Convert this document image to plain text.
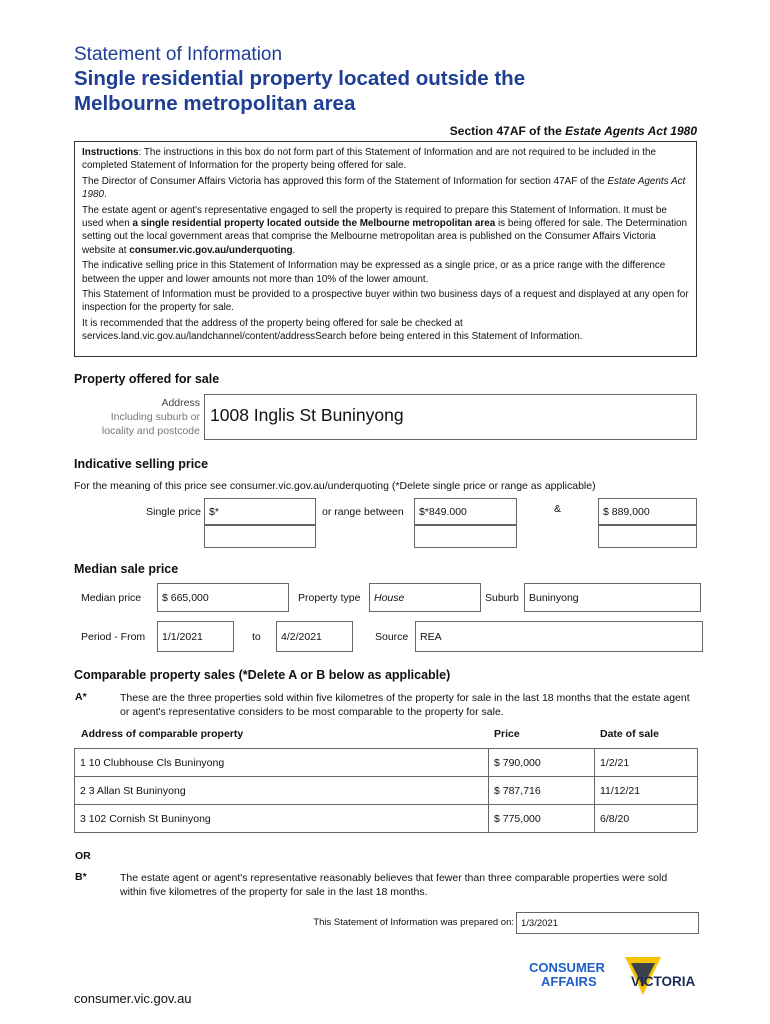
Statement of Information
Single residential property located outside the
Melbourne metropolitan area
Section 47AF of the Estate Agents Act 1980

Instructions: The instructions in this box do not form part of this Statement of Information and are not required to be included in the completed Statement of Information for the property being offered for sale.

The Director of Consumer Affairs Victoria has approved this form of the Statement of Information for section 47AF of the Estate Agents Act 1980.

The estate agent or agent's representative engaged to sell the property is required to prepare this Statement of Information. It must be used when a single residential property located outside the Melbourne metropolitan area is being offered for sale. The Determination setting out the local government areas that comprise the Melbourne metropolitan area is published on the Consumer Affairs Victoria website at consumer.vic.gov.au/underquoting.

The indicative selling price in this Statement of Information may be expressed as a single price, or as a price range with the difference between the upper and lower amounts not more than 10% of the lower amount.

This Statement of Information must be provided to a prospective buyer within two business days of a request and displayed at any open for inspection for the property for sale.

It is recommended that the address of the property being offered for sale be checked at services.land.vic.gov.au/landchannel/content/addressSearch before being entered in this Statement of Information.

Property offered for sale
Address
Including suburb or
locality and postcode
1008 Inglis St Buninyong
Indicative selling price
For the meaning of this price see consumer.vic.gov.au/underquoting (*Delete single price or range as applicable)
Single price $*	or range between	$*849.000	&	$ 889,000
Median sale price
Median price	$ 665,000	Property type	House	Suburb Buninyong
Period - From	1/1/2021	to	4/2/2021	Source	REA
Comparable property sales (*Delete A or B below as applicable)
A*	These are the three properties sold within five kilometres of the property for sale in the last 18 months that the estate agent or agent's representative considers to be most comparable to the property for sale.
Address of comparable property	Price	Date of sale
1 10 Clubhouse Cls Buninyong	$ 790,000	1/2/21
2 3 Allan St Buninyong	$ 787,716	11/12/21
3 102 Cornish St Buninyong	$ 775,000	6/8/20
OR
B*	The estate agent or agent's representative reasonably believes that fewer than three comparable properties were sold within five kilometres of the property for sale in the last 18 months.
This Statement of Information was prepared on: 1/3/2021
CONSUMER
AFFAIRS	VICTORIA
consumer.vic.gov.au
